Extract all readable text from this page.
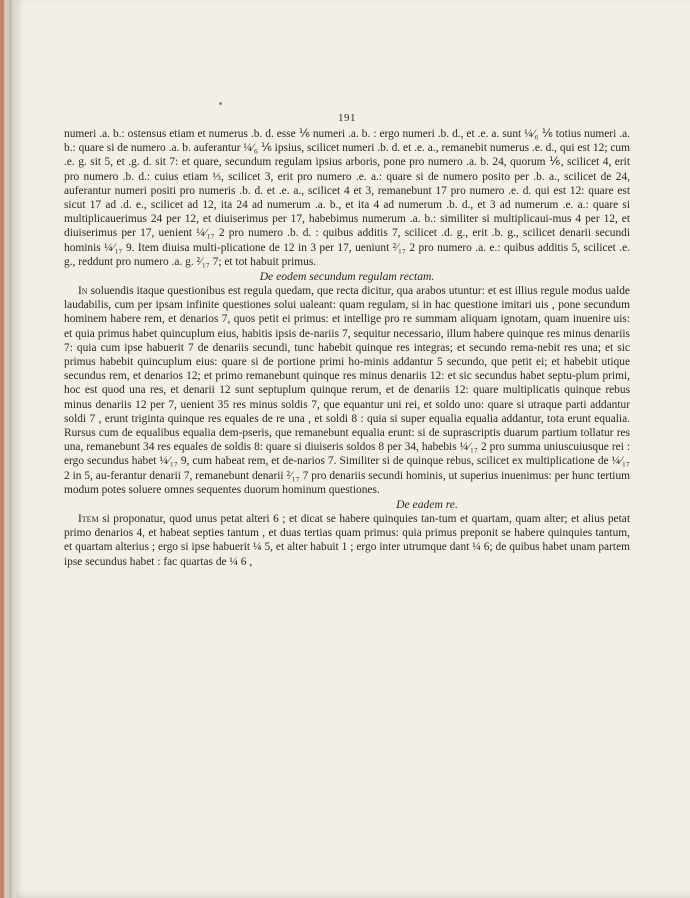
191

numeri .a. b.: ostensus etiam et numerus .b. d. esse ⅙ numeri .a. b. : ergo numeri .b. d., et .e. a. sunt ¼⁄₆ ⅙ totius numeri .a. b.: quare si de numero .a. b. auferantur ¼⁄₆ ⅙ ipsius, scilicet numeri .b. d. et .e. a., remanebit numerus .e. d., qui est 12; cum .e. g. sit 5, et .g. d. sit 7: et quare, secundum regulam ipsius arboris, pone pro numero .a. b. 24, quorum ⅙, scilicet 4, erit pro numero .b. d.: cuius etiam ⅓, scilicet 3, erit pro numero .e. a.: quare si de numero posito per .b. a., scilicet de 24, auferantur numeri positi pro numeris .b. d. et .e. a., scilicet 4 et 3, remanebunt 17 pro numero .e. d. qui est 12: quare est sicut 17 ad .d. e., scilicet ad 12, ita 24 ad numerum .a. b., et ita 4 ad numerum .b. d., et 3 ad numerum .e. a.: quare si multiplicauerimus 24 per 12, et diuiserimus per 17, habebimus numerum .a. b.: similiter si multiplicaui-mus 4 per 12, et diuiserimus per 17, uenient ¼⁄₁₇ 2 pro numero .b. d. : quibus additis 7, scilicet .d. g., erit .b. g., scilicet denarii secundi hominis ¼⁄₁₇ 9. Item diuisa multi-plicatione de 12 in 3 per 17, ueniunt ²⁄₁₇ 2 pro numero .a. e.: quibus additis 5, scilicet .e. g., reddunt pro numero .a. g. ²⁄₁₇ 7; et tot habuit primus.

De eodem secundum regulam rectam.

In soluendis itaque questionibus est regula quedam, que recta dicitur, qua arabos utuntur: et est illius regule modus ualde laudabilis, cum per ipsam infinite questiones solui ualeant: quam regulam, si in hac questione imitari uis , pone secundum hominem habere rem, et denarios 7, quos petit ei primus: et intellige pro re summam aliquam ignotam, quam inuenire uis: et quia primus habet quincuplum eius, habitis ipsis de-nariis 7, sequitur necessario, illum habere quinque res minus denariis 7: quia cum ipse habuerit 7 de denariis secundi, tunc habebit quinque res integras; et secundo rema-nebit res una; et sic primus habebit quincuplum eius: quare si de portione primi ho-minis addantur 5 secundo, que petit ei; et habebit utique secundus rem, et denarios 12; et primo remanebunt quinque res minus denariis 12: et sic secundus habet septu-plum primi, hoc est quod una res, et denarii 12 sunt septuplum quinque rerum, et de denariis 12: quare multiplicatis quinque rebus minus denariis 12 per 7, uenient 35 res minus soldis 7, que equantur uni rei, et soldo uno: quare si utraque parti addantur soldi 7 , erunt triginta quinque res equales de re una , et soldi 8 : quia si super equalia equalia addantur, tota erunt equalia. Rursus cum de equalibus equalia dem-pseris, que remanebunt equalia erunt: si de suprascriptis duarum partium tollatur res una, remanebunt 34 res equales de soldis 8: quare si diuiseris soldos 8 per 34, habebis ¼⁄₁₇ 2 pro summa uniuscuiusque rei : ergo secundus habet ¼⁄₁₇ 9, cum habeat rem, et de-narios 7. Similiter si de quinque rebus, scilicet ex multiplicatione de ¼⁄₁₇ 2 in 5, au-ferantur denarii 7, remanebunt denarii ²⁄₁₇ 7 pro denariis secundi hominis, ut superius inuenimus: per hunc tertium modum potes soluere omnes sequentes duorum hominum questiones.

De eadem re.

Item si proponatur, quod unus petat alteri 6 ; et dicat se habere quinquies tan-tum et quartam, quam alter; et alius petat primo denarios 4, et habeat septies tantum , et duas tertias quam primus: quia primus preponit se habere quinquies tantum, et quartam alterius ; ergo si ipse habuerit ¼ 5, et alter habuit 1 ; ergo inter utrumque dant ¼ 6; de quibus habet unam partem ipse secundus habet : fac quartas de ¼ 6 ,
